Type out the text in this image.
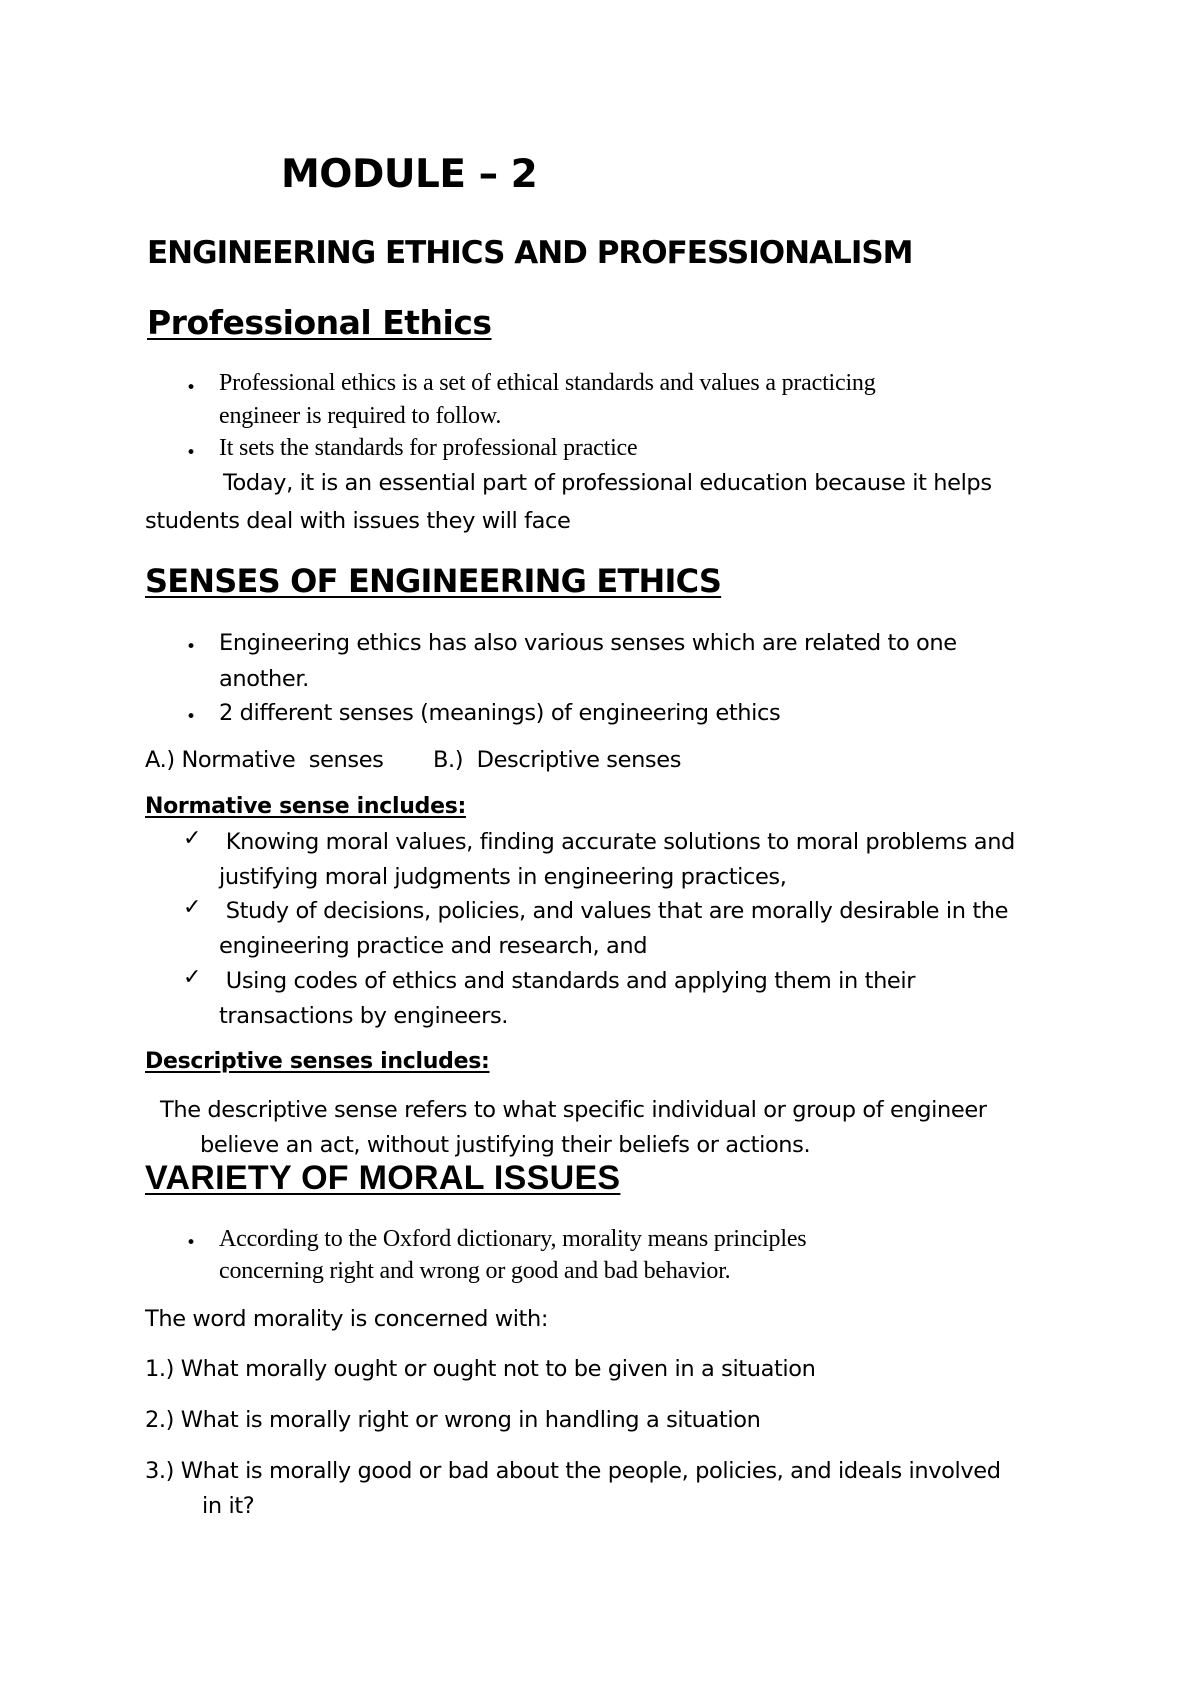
MODULE – 2
ENGINEERING ETHICS AND PROFESSIONALISM
Professional Ethics
• Professional ethics is a set of ethical standards and values a practicing
engineer is required to follow.
• It sets the standards for professional practice
Today, it is an essential part of professional education because it helps
students deal with issues they will face
SENSES OF ENGINEERING ETHICS
• Engineering ethics has also various senses which are related to one
another.
• 2 different senses (meanings) of engineering ethics
A.) Normative  senses B.)  Descriptive senses
Normative sense includes:
✓ Knowing moral values, finding accurate solutions to moral problems and
justifying moral judgments in engineering practices,
✓ Study of decisions, policies, and values that are morally desirable in the
engineering practice and research, and
✓ Using codes of ethics and standards and applying them in their
transactions by engineers.
Descriptive senses includes:
The descriptive sense refers to what specific individual or group of engineer
believe an act, without justifying their beliefs or actions.
VARIETY OF MORAL ISSUES
• According to the Oxford dictionary, morality means principles
concerning right and wrong or good and bad behavior.
The word morality is concerned with:
1.) What morally ought or ought not to be given in a situation
2.) What is morally right or wrong in handling a situation
3.) What is morally good or bad about the people, policies, and ideals involved
in it?
